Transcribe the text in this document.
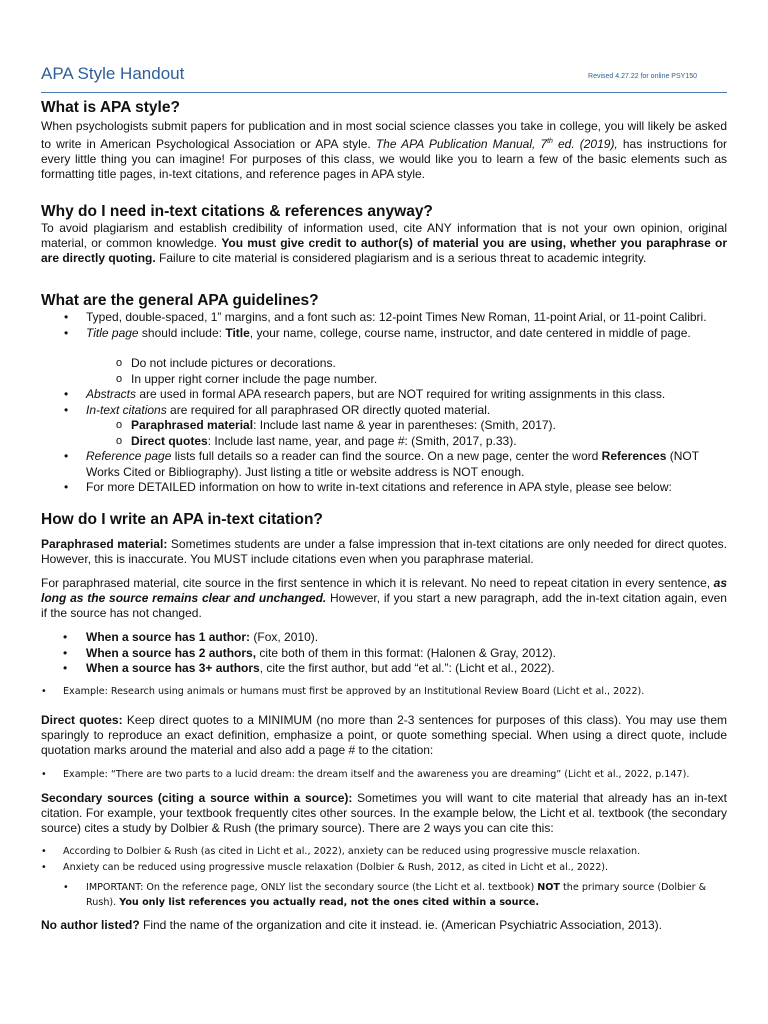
APA Style Handout	Revised 4.27.22 for online PSY150
What is APA style?
When psychologists submit papers for publication and in most social science classes you take in college, you will likely be asked to write in American Psychological Association or APA style. The APA Publication Manual, 7th ed. (2019), has instructions for every little thing you can imagine! For purposes of this class, we would like you to learn a few of the basic elements such as formatting title pages, in-text citations, and reference pages in APA style.
Why do I need in-text citations & references anyway?
To avoid plagiarism and establish credibility of information used, cite ANY information that is not your own opinion, original material, or common knowledge. You must give credit to author(s) of material you are using, whether you paraphrase or are directly quoting. Failure to cite material is considered plagiarism and is a serious threat to academic integrity.
What are the general APA guidelines?
• Typed, double-spaced, 1” margins, and a font such as: 12-point Times New Roman, 11-point Arial, or 11-point Calibri.
• Title page should include: Title, your name, college, course name, instructor, and date centered in middle of page.
o Do not include pictures or decorations.
o In upper right corner include the page number.
• Abstracts are used in formal APA research papers, but are NOT required for writing assignments in this class.
• In-text citations are required for all paraphrased OR directly quoted material.
o Paraphrased material: Include last name & year in parentheses: (Smith, 2017).
o Direct quotes: Include last name, year, and page #: (Smith, 2017, p.33).
• Reference page lists full details so a reader can find the source. On a new page, center the word References (NOT Works Cited or Bibliography). Just listing a title or website address is NOT enough.
• For more DETAILED information on how to write in-text citations and reference in APA style, please see below:
How do I write an APA in-text citation?
Paraphrased material: Sometimes students are under a false impression that in-text citations are only needed for direct quotes. However, this is inaccurate. You MUST include citations even when you paraphrase material.
For paraphrased material, cite source in the first sentence in which it is relevant. No need to repeat citation in every sentence, as long as the source remains clear and unchanged. However, if you start a new paragraph, add the in-text citation again, even if the source has not changed.
• When a source has 1 author: (Fox, 2010).
• When a source has 2 authors, cite both of them in this format: (Halonen & Gray, 2012).
• When a source has 3+ authors, cite the first author, but add “et al.”: (Licht et al., 2022).
• Example: Research using animals or humans must first be approved by an Institutional Review Board (Licht et al., 2022).
Direct quotes: Keep direct quotes to a MINIMUM (no more than 2-3 sentences for purposes of this class). You may use them sparingly to reproduce an exact definition, emphasize a point, or quote something special. When using a direct quote, include quotation marks around the material and also add a page # to the citation:
• Example: “There are two parts to a lucid dream: the dream itself and the awareness you are dreaming” (Licht et al., 2022, p.147).
Secondary sources (citing a source within a source): Sometimes you will want to cite material that already has an in-text citation. For example, your textbook frequently cites other sources. In the example below, the Licht et al. textbook (the secondary source) cites a study by Dolbier & Rush (the primary source). There are 2 ways you can cite this:
• According to Dolbier & Rush (as cited in Licht et al., 2022), anxiety can be reduced using progressive muscle relaxation.
• Anxiety can be reduced using progressive muscle relaxation (Dolbier & Rush, 2012, as cited in Licht et al., 2022).
• IMPORTANT: On the reference page, ONLY list the secondary source (the Licht et al. textbook) NOT the primary source (Dolbier & Rush). You only list references you actually read, not the ones cited within a source.
No author listed? Find the name of the organization and cite it instead. ie. (American Psychiatric Association, 2013).
